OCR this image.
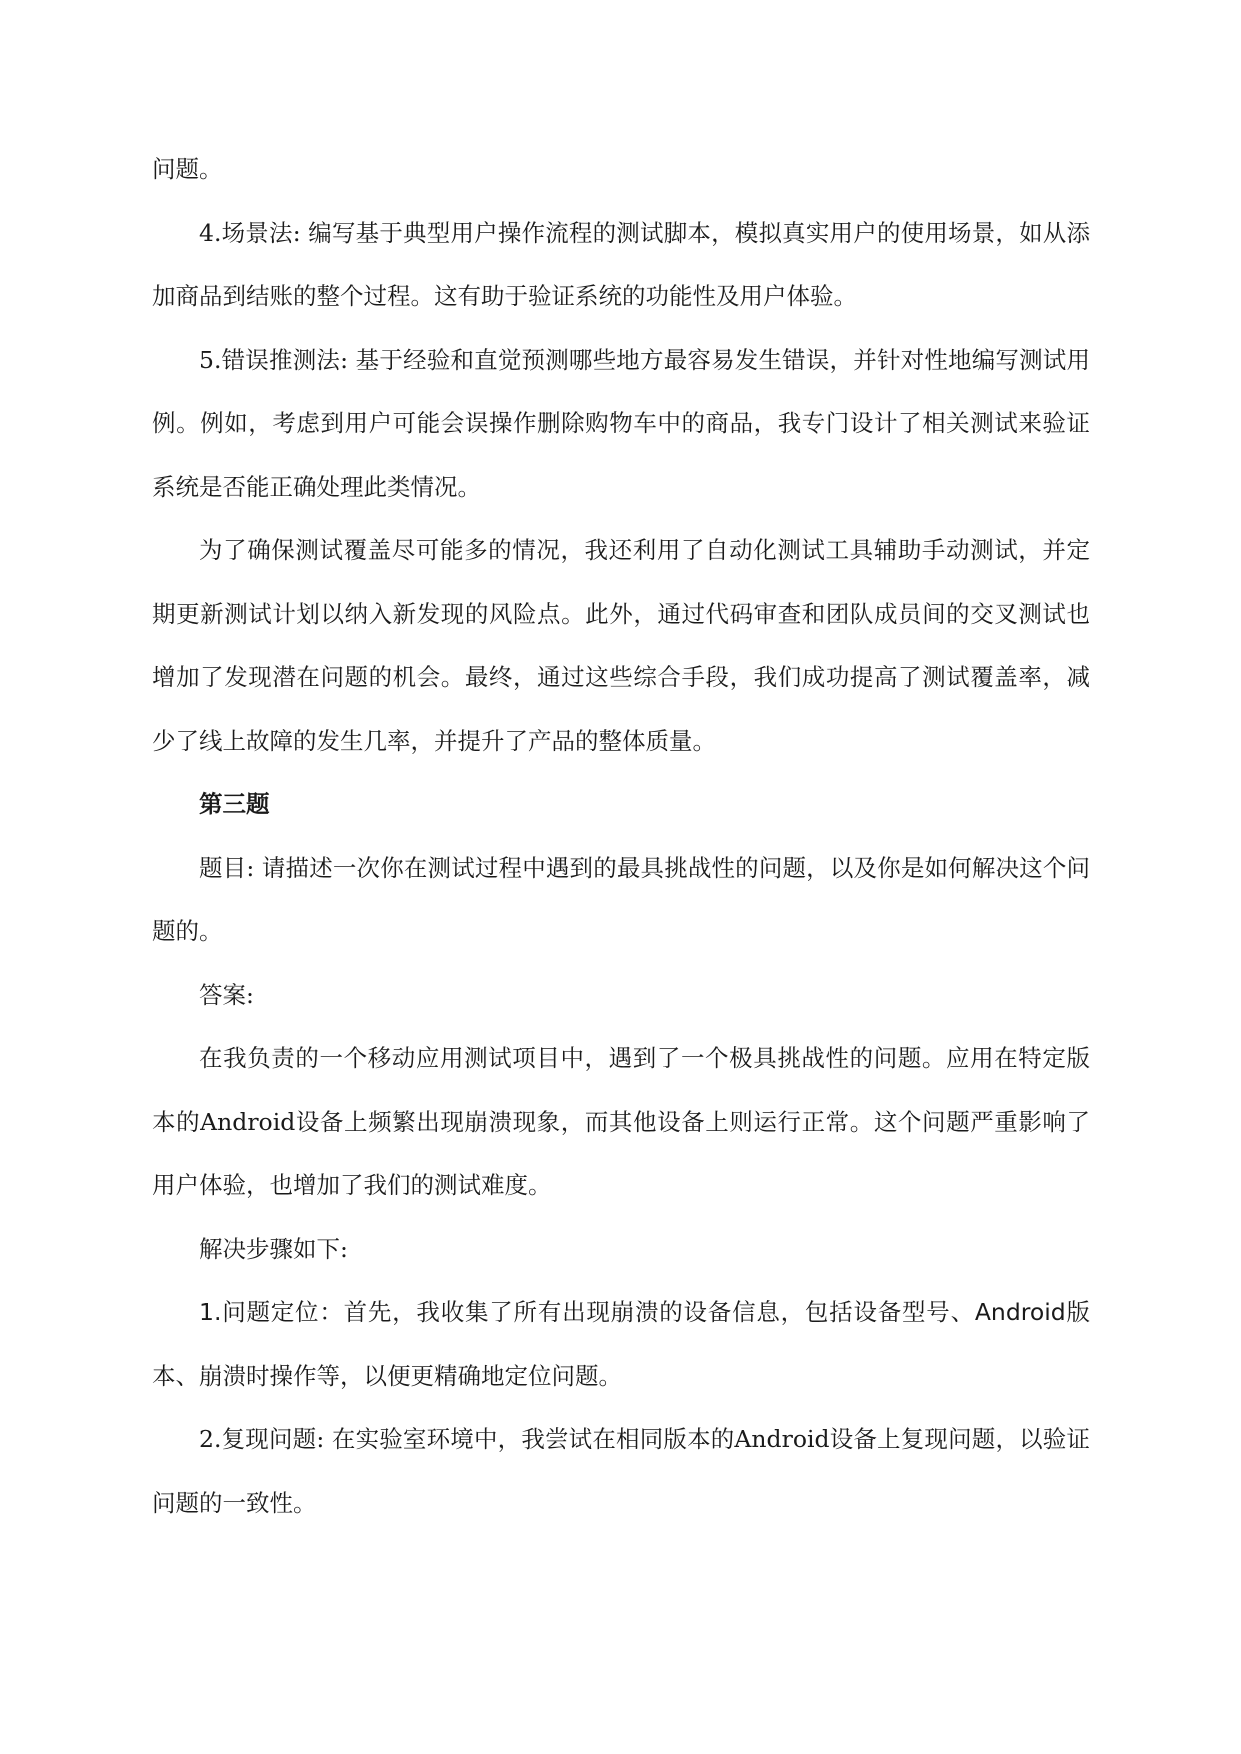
问题。

4.场景法: 编写基于典型用户操作流程的测试脚本，模拟真实用户的使用场景，如从添加商品到结账的整个过程。这有助于验证系统的功能性及用户体验。

5.错误推测法: 基于经验和直觉预测哪些地方最容易发生错误，并针对性地编写测试用例。例如，考虑到用户可能会误操作删除购物车中的商品，我专门设计了相关测试来验证系统是否能正确处理此类情况。

为了确保测试覆盖尽可能多的情况，我还利用了自动化测试工具辅助手动测试，并定期更新测试计划以纳入新发现的风险点。此外，通过代码审查和团队成员间的交叉测试也增加了发现潜在问题的机会。最终，通过这些综合手段，我们成功提高了测试覆盖率，减少了线上故障的发生几率，并提升了产品的整体质量。

第三题

题目: 请描述一次你在测试过程中遇到的最具挑战性的问题，以及你是如何解决这个问题的。

答案:

在我负责的一个移动应用测试项目中，遇到了一个极具挑战性的问题。应用在特定版本的Android设备上频繁出现崩溃现象，而其他设备上则运行正常。这个问题严重影响了用户体验，也增加了我们的测试难度。

解决步骤如下:

1.问题定位：首先，我收集了所有出现崩溃的设备信息，包括设备型号、Android版本、崩溃时操作等，以便更精确地定位问题。

2.复现问题: 在实验室环境中，我尝试在相同版本的Android设备上复现问题，以验证问题的一致性。
